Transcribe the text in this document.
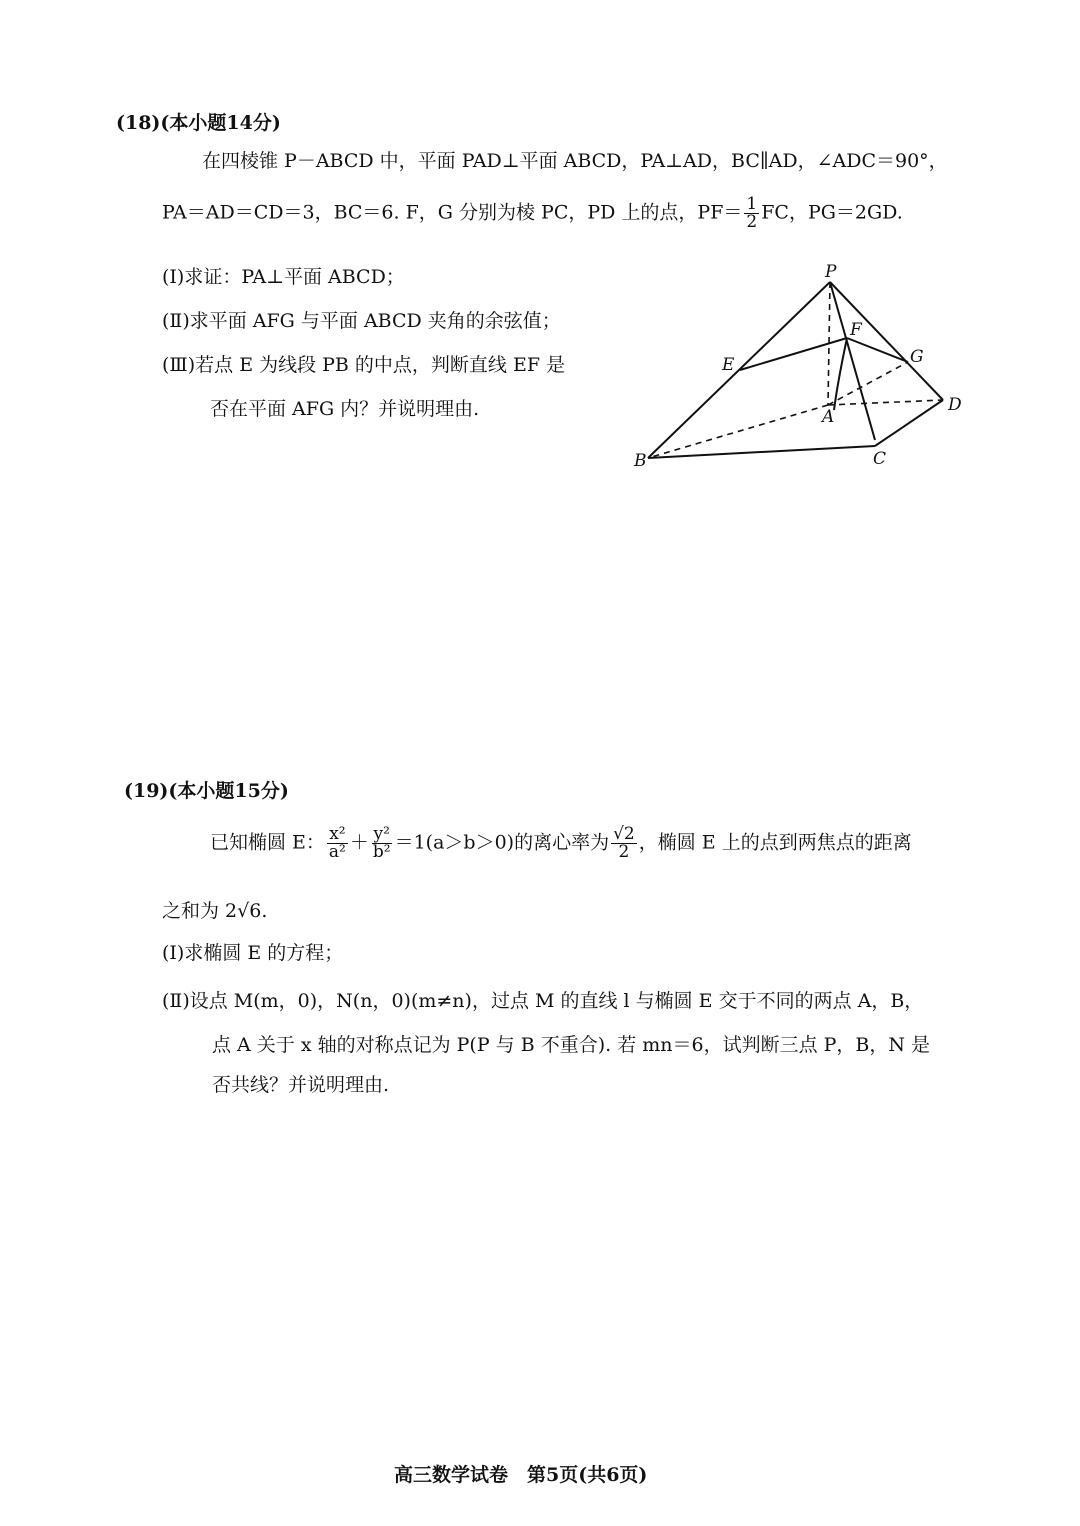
(18)(本小题14分)
在四棱锥 P－ABCD 中，平面 PAD⊥平面 ABCD，PA⊥AD，BC∥AD，∠ADC＝90°，
PA＝AD＝CD＝3，BC＝6. F，G 分别为棱 PC，PD 上的点，$PF= \frac{1}{2}$ FC，PG＝2GD.
(Ⅰ)求证：PA⊥平面 ABCD；
(Ⅱ)求平面 AFG 与平面 ABCD 夹角的余弦值；
(Ⅲ)若点 E 为线段 PB 的中点，判断直线 EF 是
否在平面 AFG 内？并说明理由.
P
F
G
E
A
D
B	C
(19)(本小题15分)
已知椭圆 E： $\frac{\text{x²}}{\text{a²}} + \frac{\text{y²}}{\text{b²}} =1(a>b>0)$的离心率为 $\frac{√2}{2}$ ，椭圆 E 上的点到两焦点的距离
之和为 2√6.
(Ⅰ)求椭圆 E 的方程；
(Ⅱ)设点 M(m，0)，N(n，0)(m≠n)，过点 M 的直线 l 与椭圆 E 交于不同的两点 A，B，
点 A 关于 x 轴的对称点记为 P(P 与 B 不重合). 若 mn＝6，试判断三点 P，B，N 是
否共线？并说明理由.
高三数学试卷　第5页(共6页)
